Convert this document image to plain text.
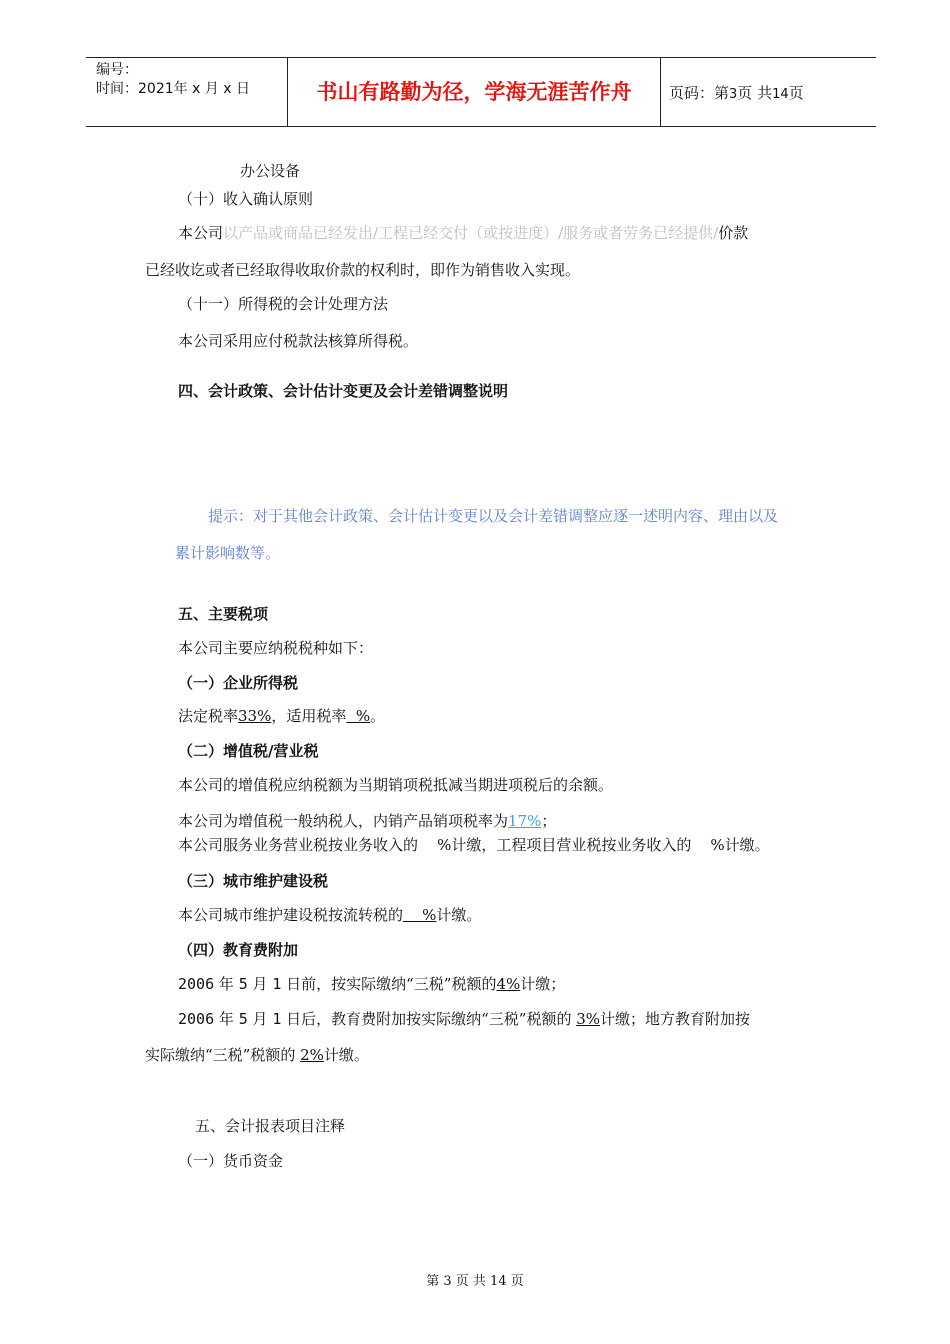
编号：
时间：2021年 x 月 x 日	书山有路勤为径，学海无涯苦作舟	页码：第3页 共14页
办公设备
（十）收入确认原则
本公司以产品或商品已经发出/工程已经交付（或按进度）/服务或者劳务已经提供/价款
已经收讫或者已经取得收取价款的权利时，即作为销售收入实现。
（十一）所得税的会计处理方法
本公司采用应付税款法核算所得税。
四、会计政策、会计估计变更及会计差错调整说明
提示：对于其他会计政策、会计估计变更以及会计差错调整应逐一述明内容、理由以及
累计影响数等。
五、主要税项
本公司主要应纳税税种如下：
（一）企业所得税
法定税率33%，适用税率  %。
（二）增值税/营业税
本公司的增值税应纳税额为当期销项税抵减当期进项税后的余额。
本公司为增值税一般纳税人，内销产品销项税率为17%；
本公司服务业务营业税按业务收入的    %计缴，工程项目营业税按业务收入的    %计缴。
（三）城市维护建设税
本公司城市维护建设税按流转税的    %计缴。
（四）教育费附加
2006 年 5 月 1 日前，按实际缴纳“三税”税额的4%计缴；
2006 年 5 月 1 日后，教育费附加按实际缴纳“三税”税额的 3%计缴；地方教育附加按
实际缴纳“三税”税额的 2%计缴。
五、会计报表项目注释
（一）货币资金
第 3 页 共 14 页
